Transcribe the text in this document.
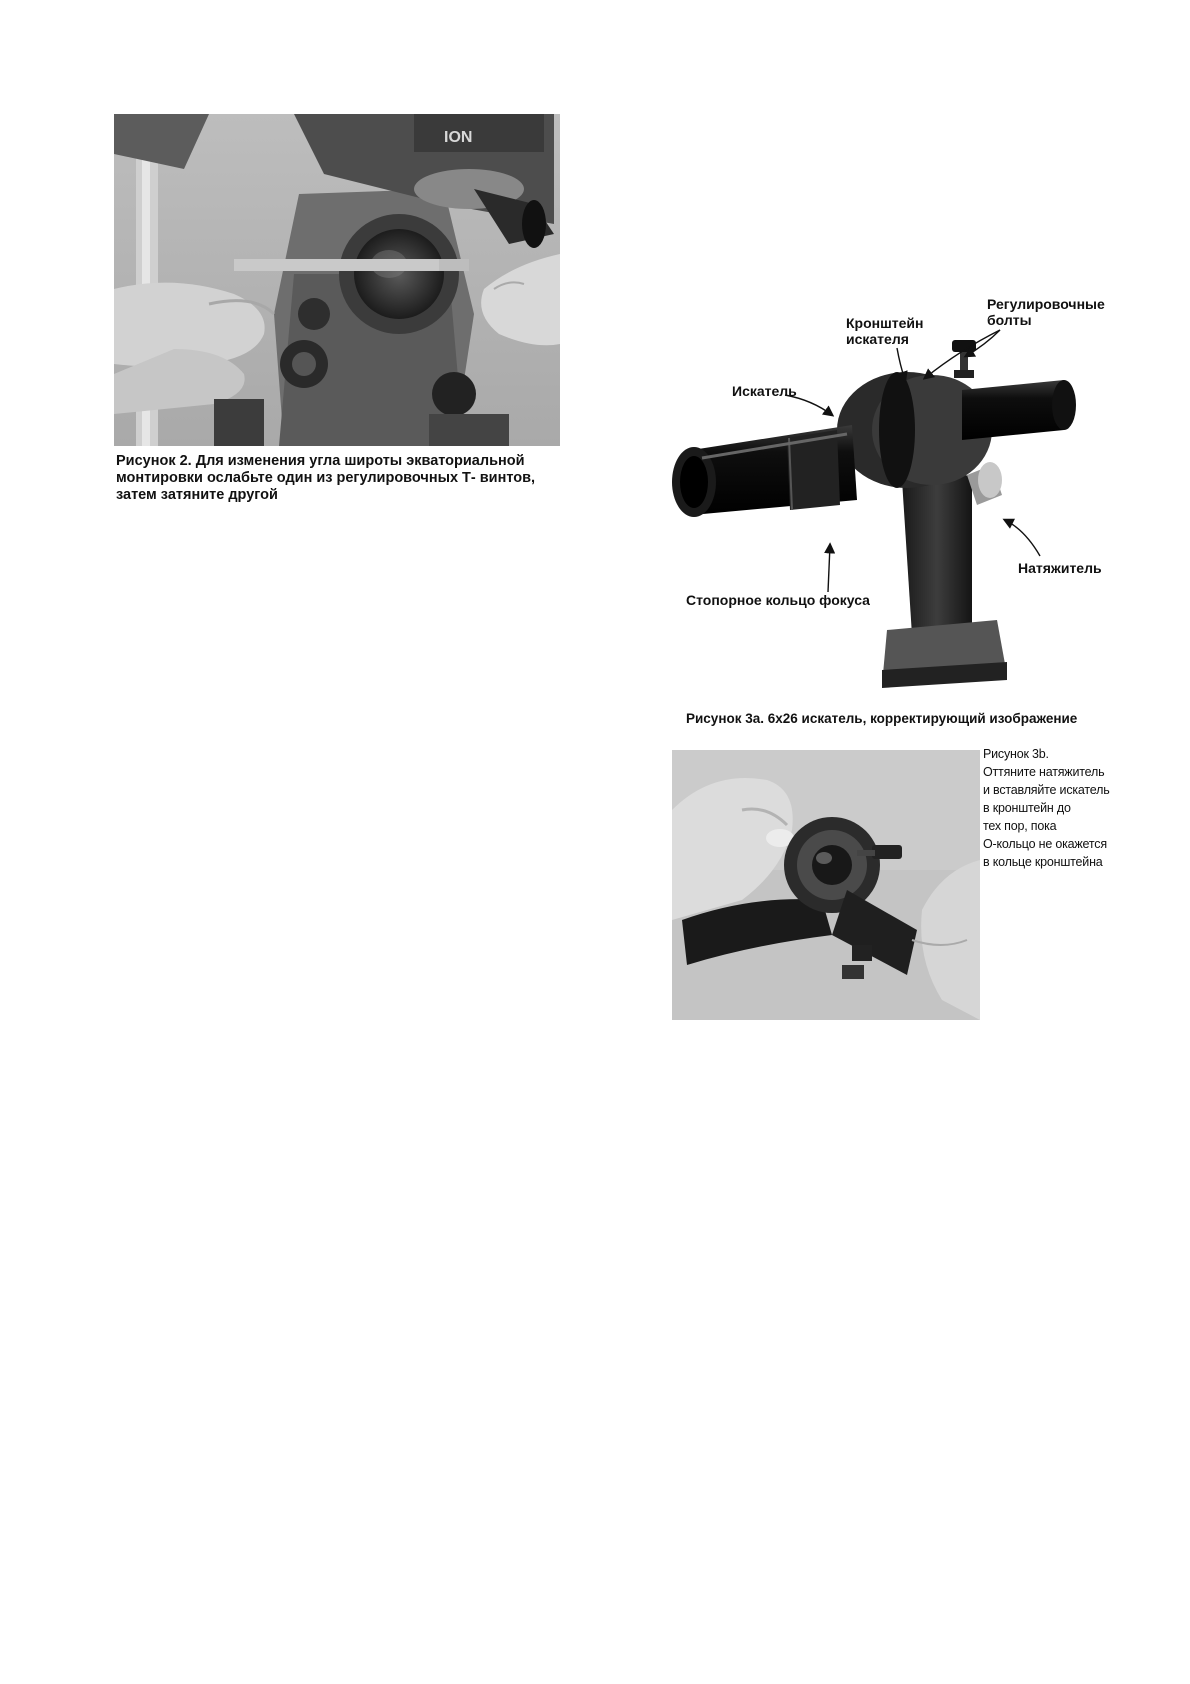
ION

Рисунок 2. Для изменения угла широты экваториальной
монтировки ослабьте один из регулировочных Т- винтов,
затем затяните другой

Регулировочные
болты
Кронштейн
искателя
Искатель
Натяжитель
Стопорное кольцо фокуса

Рисунок 3a. 6x26 искатель, корректирующий изображение

Рисунок 3b.
Оттяните натяжитель
и вставляйте искатель
в кронштейн до
тех пор, пока
О-кольцо не окажется
в кольце кронштейна
